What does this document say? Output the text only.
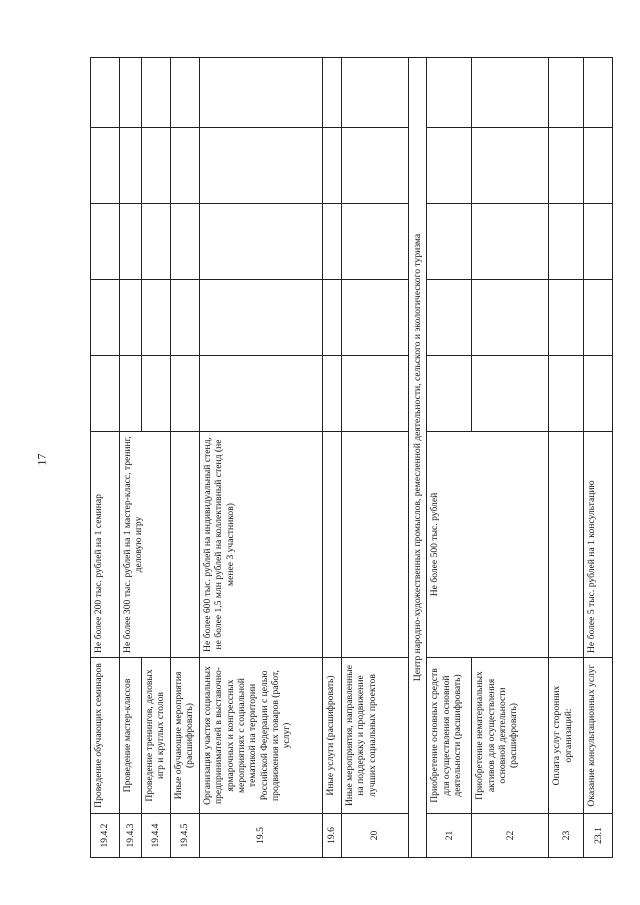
17
19.4.2	Проведение обучающих семинаров	Не более 200 тыс. рублей на 1 семинар					
19.4.3	Проведение мастер-классов	Не более 300 тыс. рублей на 1 мастер-класс, тренинг, деловую игру					
19.4.4	Проведение тренингов, деловых игр и круглых столов						
19.4.5	Иные обучающие мероприятия (расшифровать)						
19.5	Организация участия социальных предпринимателей в выставочно-ярмарочных и конгрессных мероприятиях с социальной тематикой на территории Российской Федерации с целью продвижения их товаров (работ, услуг)	Не более 600 тыс. рублей на индивидуальный стенд, не более 1,5 млн рублей на коллективный стенд (не менее 3 участников)					
19.6	Иные услуги (расшифровать)						
20	Иные мероприятия, направленные на поддержку и продвижение лучших социальных проектов						
Центр народно-художественных промыслов, ремесленной деятельности, сельского и экологического туризма							
21	Приобретение основных средств для осуществления основной деятельности (расшифровать)	Не более 500 тыс. рублей					
22	Приобретение нематериальных активов для осуществления основной деятельности (расшифровать)						
23	Оплата услуг сторонних организаций:						
23.1	Оказание консультационных услуг	Не более 5 тыс. рублей на 1 консультацию					
